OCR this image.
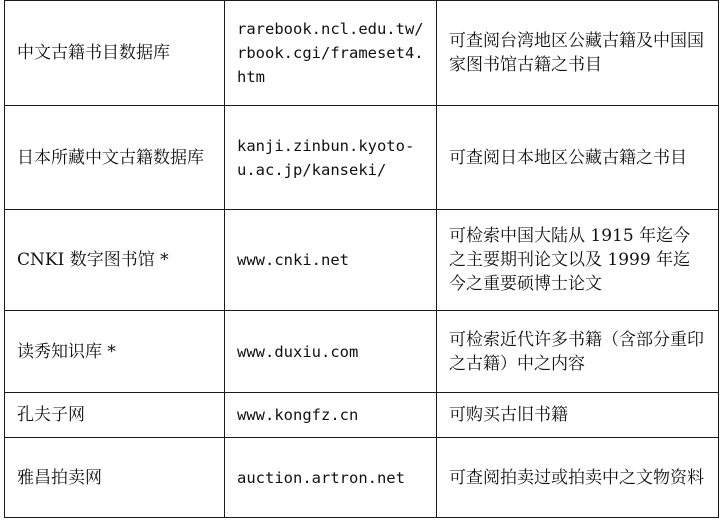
中文古籍书目数据库	rarebook.ncl.edu.tw/rbook.cgi/frameset4.htm	可查阅台湾地区公藏古籍及中国国家图书馆古籍之书目
日本所藏中文古籍数据库	kanji.zinbun.kyoto-u.ac.jp/kanseki/	可查阅日本地区公藏古籍之书目
CNKI 数字图书馆 *	www.cnki.net	可检索中国大陆从 1915 年迄今之主要期刊论文以及 1999 年迄今之重要硕博士论文
读秀知识库 *	www.duxiu.com	可检索近代许多书籍（含部分重印之古籍）中之内容
孔夫子网	www.kongfz.cn	可购买古旧书籍
雅昌拍卖网	auction.artron.net	可查阅拍卖过或拍卖中之文物资料
